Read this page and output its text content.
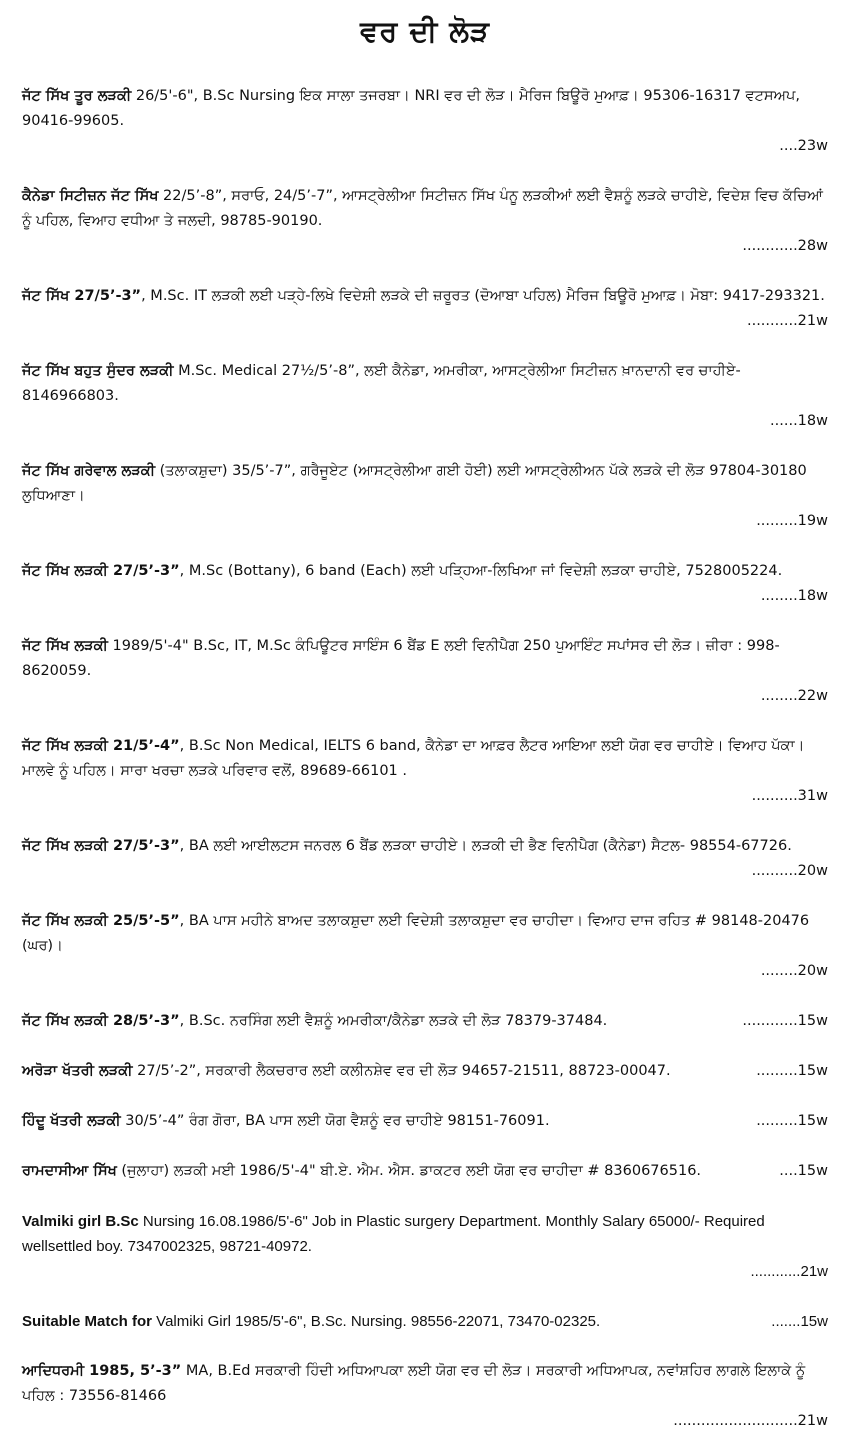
ਵਰ ਦੀ ਲੋੜ
ਜੱਟ ਸਿੱਖ ਤੂਰ ਲੜਕੀ 26/5'-6", B.Sc Nursing ਇਕ ਸਾਲਾ ਤਜਰਬਾ। NRI ਵਰ ਦੀ ਲੋੜ। ਮੈਰਿਜ ਬਿਊਰੋ ਮੁਆਫ਼। 95306-16317 ਵਟਸਅਪ, 90416-99605.
....23w
ਕੈਨੇਡਾ ਸਿਟੀਜ਼ਨ ਜੱਟ ਸਿੱਖ 22/5’-8”, ਸਰਾਓ, 24/5’-7”, ਆਸਟ੍ਰੇਲੀਆ ਸਿਟੀਜ਼ਨ ਸਿੱਖ ਪੰਨੂ ਲੜਕੀਆਂ ਲਈ ਵੈਸ਼ਨੂੰ ਲੜਕੇ ਚਾਹੀਏ, ਵਿਦੇਸ਼ ਵਿਚ ਕੱਚਿਆਂ ਨੂੰ ਪਹਿਲ, ਵਿਆਹ ਵਧੀਆ ਤੇ ਜਲਦੀ, 98785-90190.
............28w
ਜੱਟ ਸਿੱਖ 27/5’-3”, M.Sc. IT ਲੜਕੀ ਲਈ ਪੜ੍ਹੇ-ਲਿਖੇ ਵਿਦੇਸ਼ੀ ਲੜਕੇ ਦੀ ਜ਼ਰੂਰਤ (ਦੋਆਬਾ ਪਹਿਲ) ਮੈਰਿਜ ਬਿਊਰੋ ਮੁਆਫ਼। ਮੋਬਾ: 9417-293321.
...........21w
ਜੱਟ ਸਿੱਖ ਬਹੁਤ ਸੁੰਦਰ ਲੜਕੀ M.Sc. Medical 27½/5’-8”, ਲਈ ਕੈਨੇਡਾ, ਅਮਰੀਕਾ, ਆਸਟ੍ਰੇਲੀਆ ਸਿਟੀਜ਼ਨ ਖ਼ਾਨਦਾਨੀ ਵਰ ਚਾਹੀਏ- 8146966803.
......18w
ਜੱਟ ਸਿੱਖ ਗਰੇਵਾਲ ਲੜਕੀ (ਤਲਾਕਸ਼ੁਦਾ) 35/5’-7”, ਗਰੈਜੂਏਟ (ਆਸਟ੍ਰੇਲੀਆ ਗਈ ਹੋਈ) ਲਈ ਆਸਟ੍ਰੇਲੀਅਨ ਪੱਕੇ ਲੜਕੇ ਦੀ ਲੋੜ 97804-30180 ਲੁਧਿਆਣਾ।
.........19w
ਜੱਟ ਸਿੱਖ ਲੜਕੀ 27/5’-3”, M.Sc (Bottany), 6 band (Each) ਲਈ ਪੜ੍ਹਿਆ-ਲਿਖਿਆ ਜਾਂ ਵਿਦੇਸ਼ੀ ਲੜਕਾ ਚਾਹੀਏ, 7528005224.
........18w
ਜੱਟ ਸਿੱਖ ਲੜਕੀ 1989/5'-4" B.Sc, IT, M.Sc ਕੰਪਿਊਟਰ ਸਾਇੰਸ 6 ਬੈਂਡ E ਲਈ ਵਿਨੀਪੈਗ 250 ਪੁਆਇੰਟ ਸਪਾਂਸਰ ਦੀ ਲੋੜ। ਜ਼ੀਰਾ : 998-8620059.
........22w
ਜੱਟ ਸਿੱਖ ਲੜਕੀ 21/5’-4”, B.Sc Non Medical, IELTS 6 band, ਕੈਨੇਡਾ ਦਾ ਆਫ਼ਰ ਲੈਟਰ ਆਇਆ ਲਈ ਯੋਗ ਵਰ ਚਾਹੀਏ। ਵਿਆਹ ਪੱਕਾ। ਮਾਲਵੇ ਨੂੰ ਪਹਿਲ। ਸਾਰਾ ਖਰਚਾ ਲੜਕੇ ਪਰਿਵਾਰ ਵਲੋਂ, 89689-66101 .
..........31w
ਜੱਟ ਸਿੱਖ ਲੜਕੀ 27/5’-3”, BA ਲਈ ਆਈਲਟਸ ਜਨਰਲ 6 ਬੈਂਡ ਲੜਕਾ ਚਾਹੀਏ। ਲੜਕੀ ਦੀ ਭੈਣ ਵਿਨੀਪੈਗ (ਕੈਨੇਡਾ) ਸੈਟਲ- 98554-67726.
..........20w
ਜੱਟ ਸਿੱਖ ਲੜਕੀ 25/5’-5”, BA ਪਾਸ ਮਹੀਨੇ ਬਾਅਦ ਤਲਾਕਸ਼ੁਦਾ ਲਈ ਵਿਦੇਸ਼ੀ ਤਲਾਕਸ਼ੁਦਾ ਵਰ ਚਾਹੀਦਾ। ਵਿਆਹ ਦਾਜ ਰਹਿਤ # 98148-20476 (ਘਰ)।
........20w
ਜੱਟ ਸਿੱਖ ਲੜਕੀ 28/5’-3”, B.Sc. ਨਰਸਿੰਗ ਲਈ ਵੈਸ਼ਨੂੰ ਅਮਰੀਕਾ/ਕੈਨੇਡਾ ਲੜਕੇ ਦੀ ਲੋੜ 78379-37484.	............15w
ਅਰੋੜਾ ਖੱਤਰੀ ਲੜਕੀ 27/5’-2”, ਸਰਕਾਰੀ ਲੈਕਚਰਾਰ ਲਈ ਕਲੀਨਸ਼ੇਵ ਵਰ ਦੀ ਲੋੜ 94657-21511, 88723-00047.	.........15w
ਹਿੰਦੂ ਖੱਤਰੀ ਲੜਕੀ 30/5’-4” ਰੰਗ ਗੋਰਾ, BA ਪਾਸ ਲਈ ਯੋਗ ਵੈਸ਼ਨੂੰ ਵਰ ਚਾਹੀਏ 98151-76091.	.........15w
ਰਾਮਦਾਸੀਆ ਸਿੱਖ (ਜੁਲਾਹਾ) ਲੜਕੀ ਮਈ 1986/5'-4" ਬੀ.ਏ. ਐਮ. ਐਸ. ਡਾਕਟਰ ਲਈ ਯੋਗ ਵਰ ਚਾਹੀਦਾ # 8360676516.	....15w
Valmiki girl B.Sc Nursing 16.08.1986/5'-6" Job in Plastic surgery Department. Monthly Salary 65000/- Required wellsettled boy. 7347002325, 98721-40972.
............21w
Suitable Match for Valmiki Girl 1985/5'-6", B.Sc. Nursing. 98556-22071, 73470-02325.	.......15w
ਆਦਿਧਰਮੀ 1985, 5’-3” MA, B.Ed ਸਰਕਾਰੀ ਹਿੰਦੀ ਅਧਿਆਪਕਾ ਲਈ ਯੋਗ ਵਰ ਦੀ ਲੋੜ। ਸਰਕਾਰੀ ਅਧਿਆਪਕ, ਨਵਾਂਸ਼ਹਿਰ ਲਾਗਲੇ ਇਲਾਕੇ ਨੂੰ ਪਹਿਲ : 73556-81466
...........................21w
